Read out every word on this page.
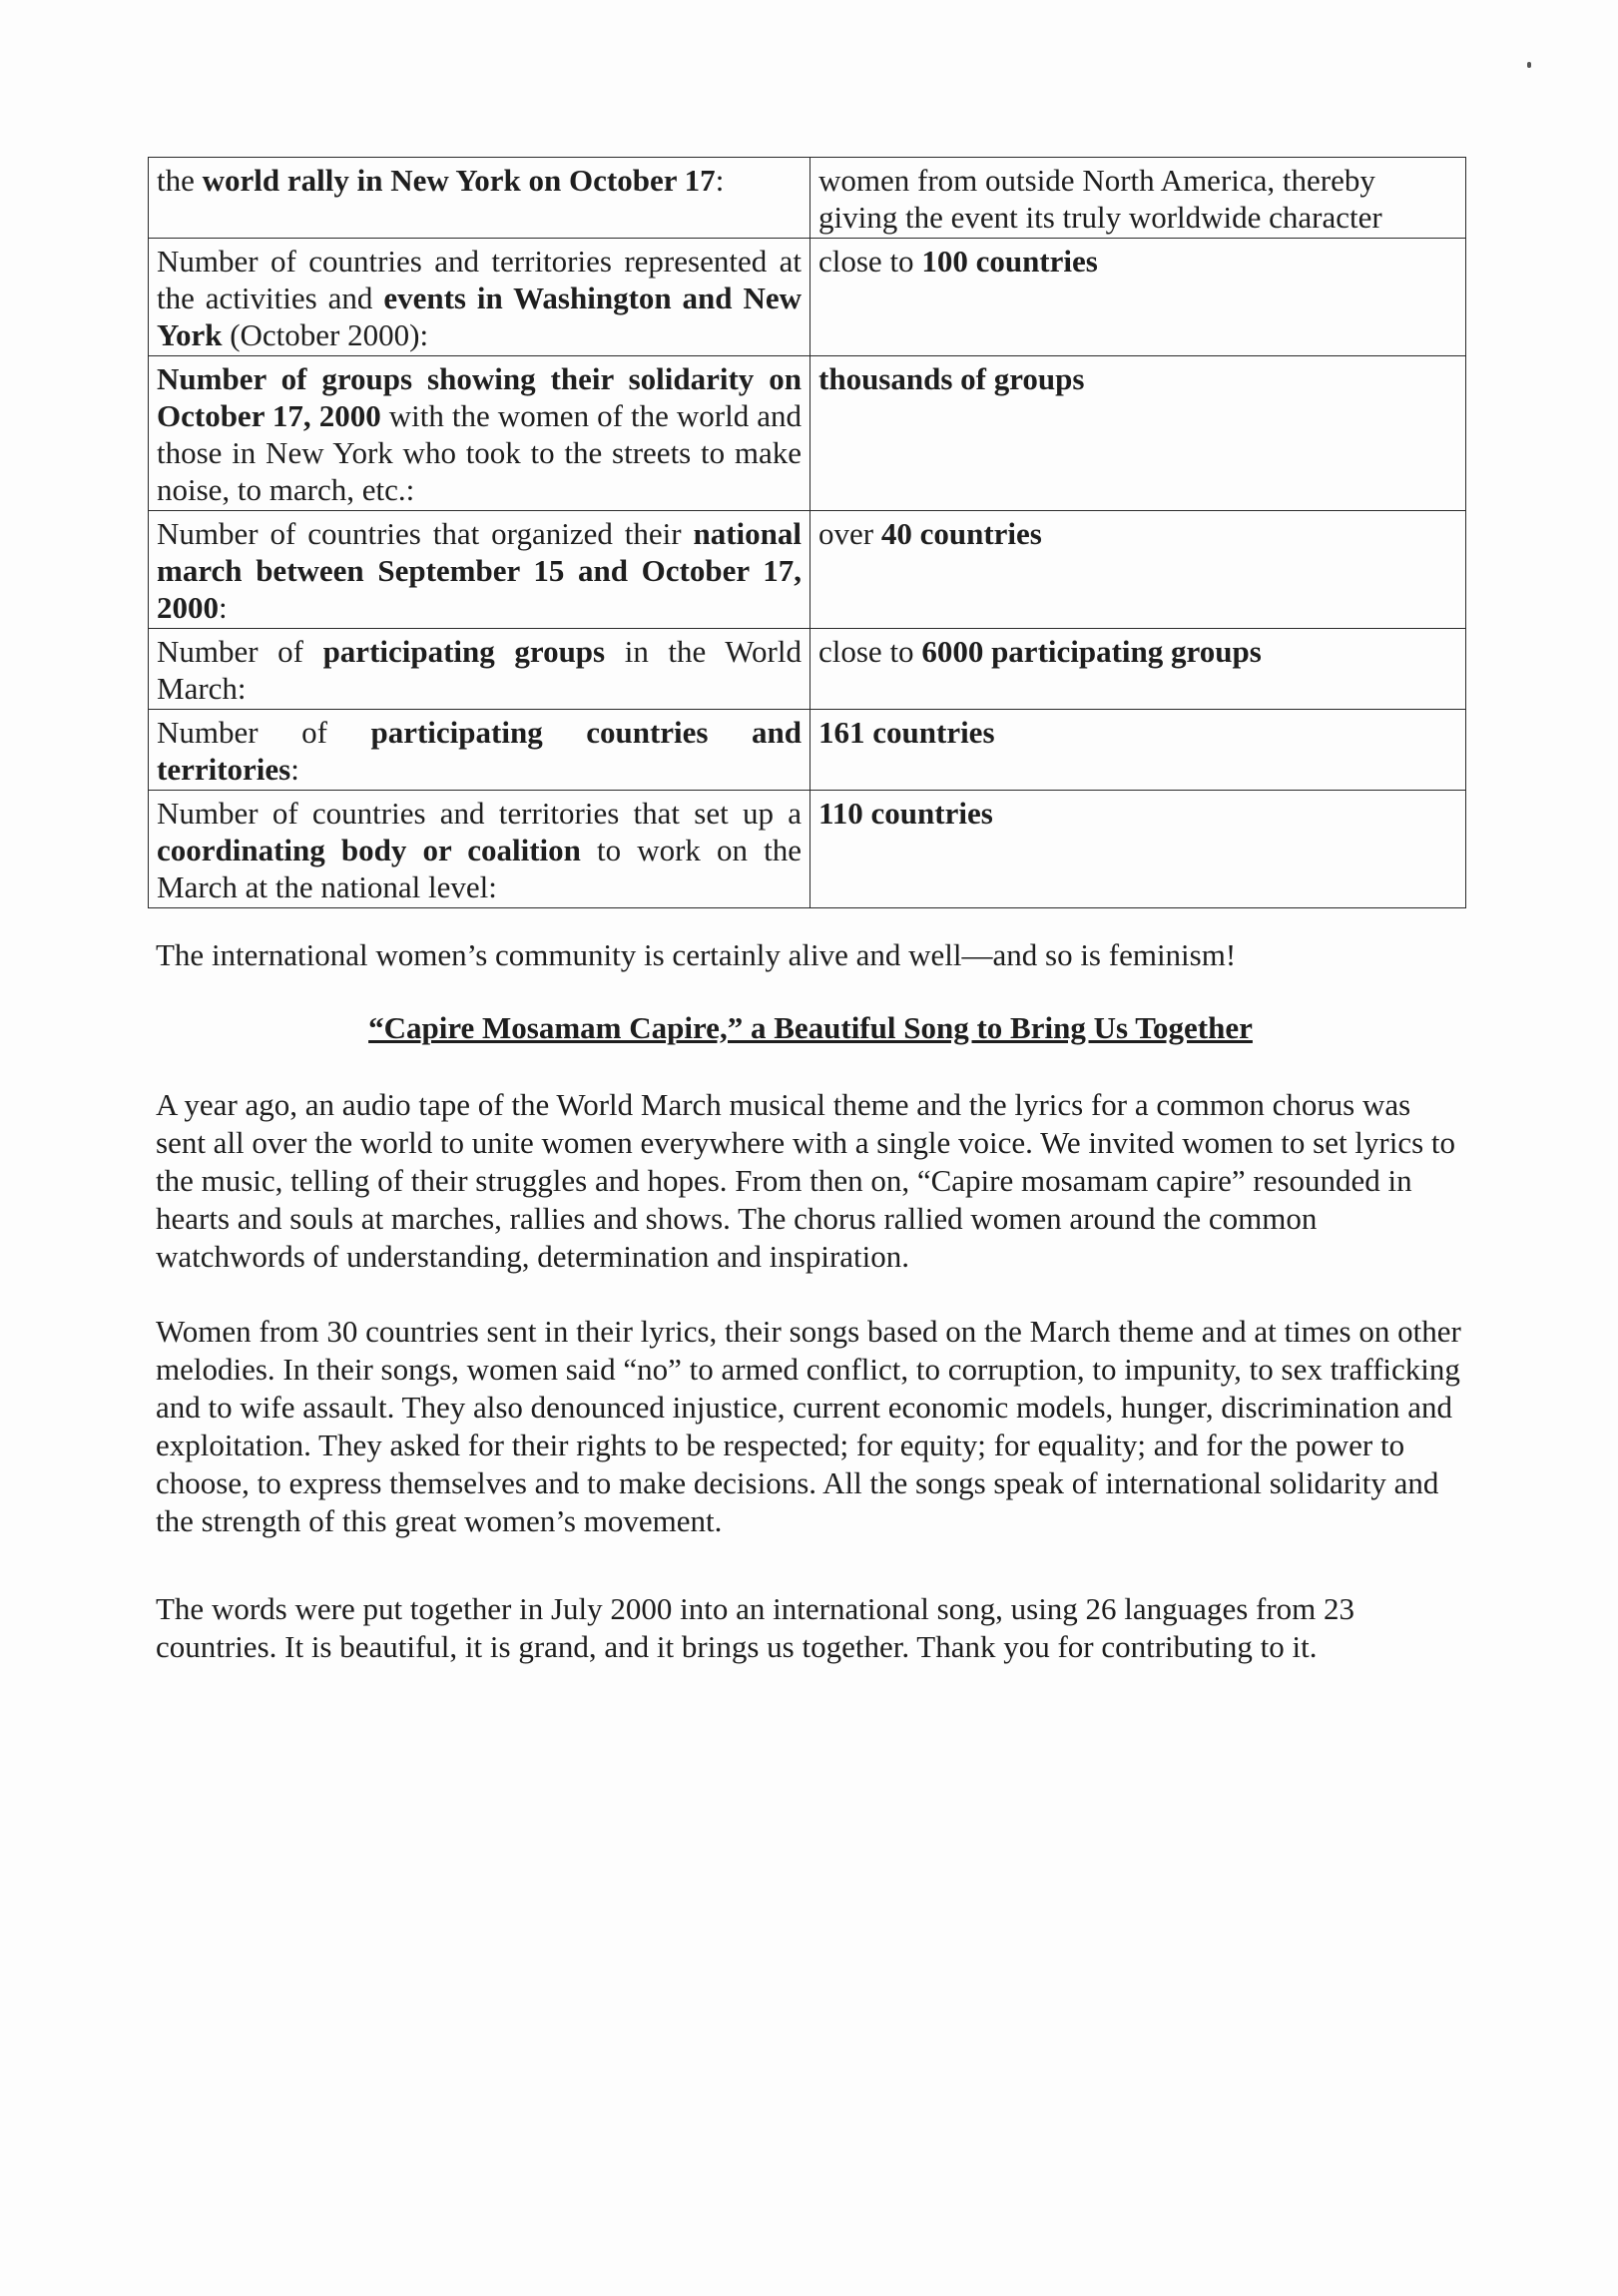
the world rally in New York on October 17:	women from outside North America, thereby giving the event its truly worldwide character
Number of countries and territories represented at the activities and events in Washington and New York (October 2000):	close to 100 countries
Number of groups showing their solidarity on October 17, 2000 with the women of the world and those in New York who took to the streets to make noise, to march, etc.:	thousands of groups
Number of countries that organized their national march between September 15 and October 17, 2000:	over 40 countries
Number of participating groups in the World March:	close to 6000 participating groups
Number of participating countries and territories:	161 countries
Number of countries and territories that set up a coordinating body or coalition to work on the March at the national level:	110 countries

The international women’s community is certainly alive and well—and so is feminism!

“Capire Mosamam Capire,” a Beautiful Song to Bring Us Together

A year ago, an audio tape of the World March musical theme and the lyrics for a common chorus was sent all over the world to unite women everywhere with a single voice. We invited women to set lyrics to the music, telling of their struggles and hopes. From then on, “Capire mosamam capire” resounded in hearts and souls at marches, rallies and shows. The chorus rallied women around the common watchwords of understanding, determination and inspiration.

Women from 30 countries sent in their lyrics, their songs based on the March theme and at times on other melodies. In their songs, women said “no” to armed conflict, to corruption, to impunity, to sex trafficking and to wife assault. They also denounced injustice, current economic models, hunger, discrimination and exploitation. They asked for their rights to be respected; for equity; for equality; and for the power to choose, to express themselves and to make decisions. All the songs speak of international solidarity and the strength of this great women’s movement.

The words were put together in July 2000 into an international song, using 26 languages from 23 countries. It is beautiful, it is grand, and it brings us together. Thank you for contributing to it.
